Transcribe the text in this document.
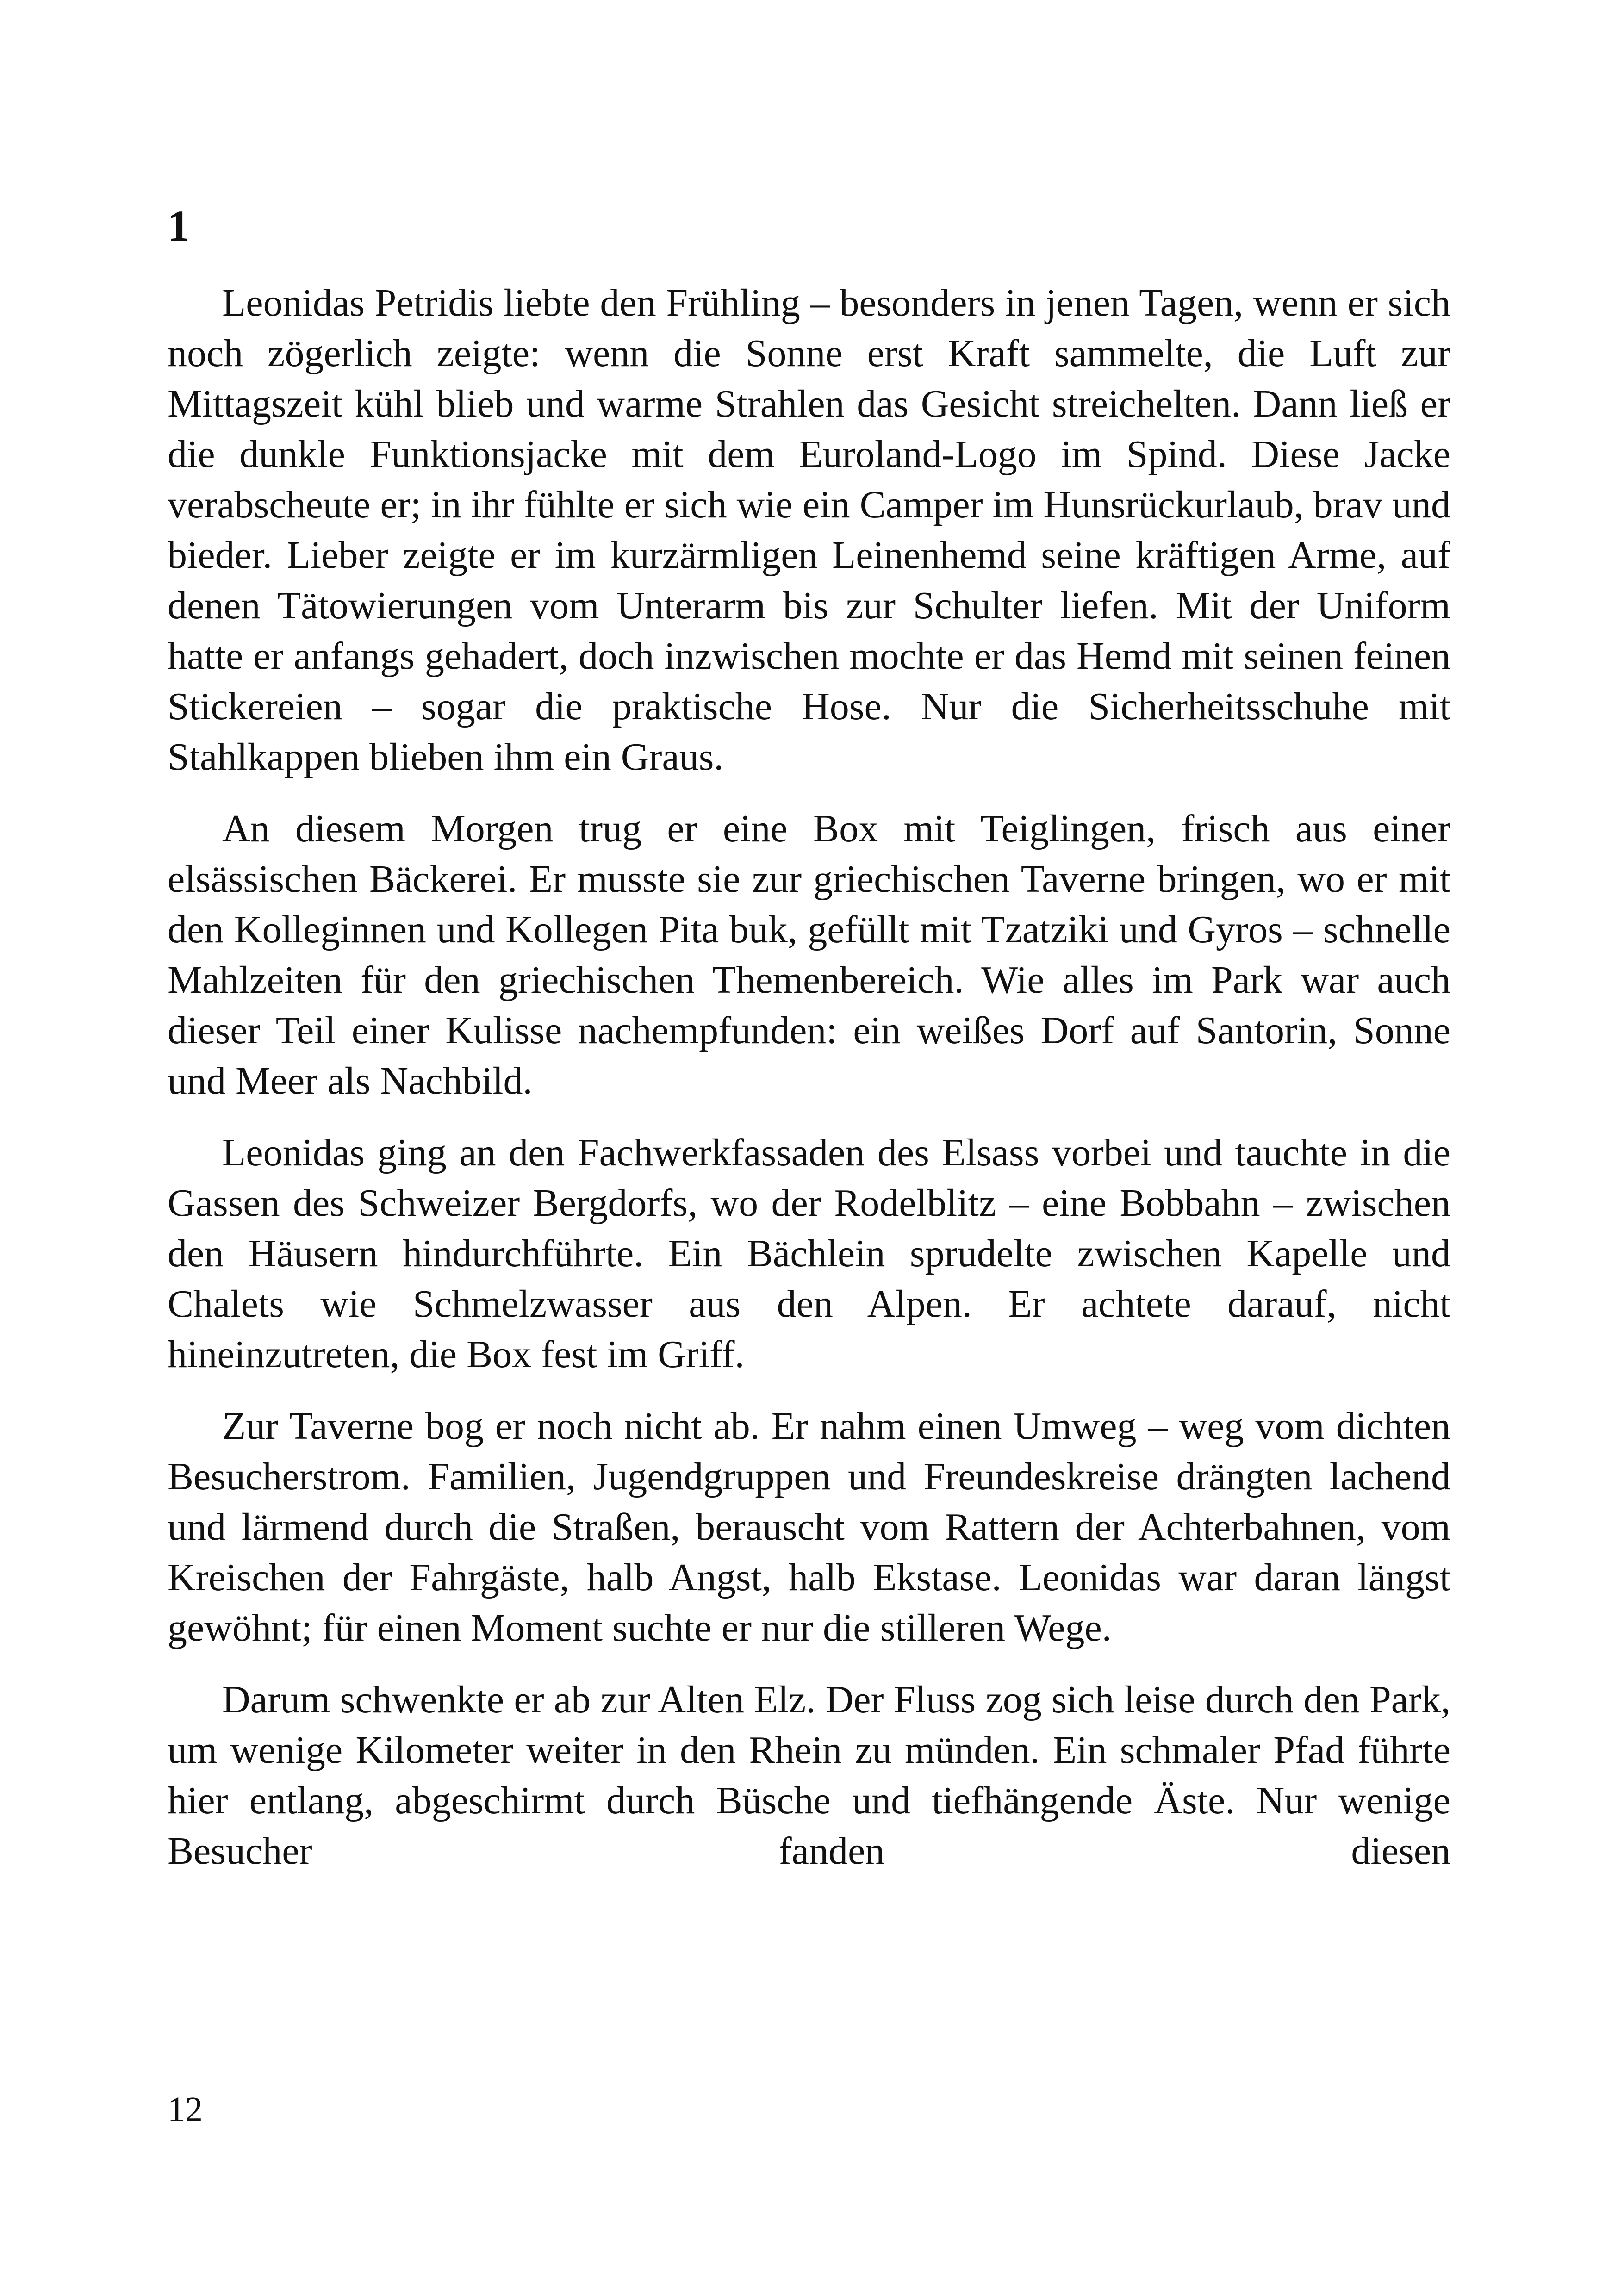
1

Leonidas Petridis liebte den Frühling – besonders in jenen Tagen, wenn er sich noch zögerlich zeigte: wenn die Sonne erst Kraft sammelte, die Luft zur Mittagszeit kühl blieb und warme Strahlen das Gesicht streichelten. Dann ließ er die dunkle Funktionsjacke mit dem Euroland-Logo im Spind. Diese Jacke verabscheute er; in ihr fühlte er sich wie ein Camper im Hunsrückurlaub, brav und bieder. Lieber zeigte er im kurzärmligen Leinenhemd seine kräftigen Arme, auf denen Tätowierungen vom Unterarm bis zur Schulter liefen. Mit der Uniform hatte er anfangs gehadert, doch inzwischen mochte er das Hemd mit seinen feinen Stickereien – sogar die praktische Hose. Nur die Sicherheitsschuhe mit Stahlkappen blieben ihm ein Graus.

An diesem Morgen trug er eine Box mit Teiglingen, frisch aus einer elsässischen Bäckerei. Er musste sie zur griechischen Taverne bringen, wo er mit den Kolleginnen und Kollegen Pita buk, gefüllt mit Tzatziki und Gyros – schnelle Mahlzeiten für den griechischen Themenbereich. Wie alles im Park war auch dieser Teil einer Kulisse nachempfunden: ein weißes Dorf auf Santorin, Sonne und Meer als Nachbild.

Leonidas ging an den Fachwerkfassaden des Elsass vorbei und tauchte in die Gassen des Schweizer Bergdorfs, wo der Rodelblitz – eine Bobbahn – zwischen den Häusern hindurchführte. Ein Bächlein sprudelte zwischen Kapelle und Chalets wie Schmelzwasser aus den Alpen. Er achtete darauf, nicht hineinzutreten, die Box fest im Griff.

Zur Taverne bog er noch nicht ab. Er nahm einen Umweg – weg vom dichten Besucherstrom. Familien, Jugendgruppen und Freundeskreise drängten lachend und lärmend durch die Straßen, berauscht vom Rattern der Achterbahnen, vom Kreischen der Fahrgäste, halb Angst, halb Ekstase. Leonidas war daran längst gewöhnt; für einen Moment suchte er nur die stilleren Wege.

Darum schwenkte er ab zur Alten Elz. Der Fluss zog sich leise durch den Park, um wenige Kilometer weiter in den Rhein zu münden. Ein schmaler Pfad führte hier entlang, abgeschirmt durch Büsche und tiefhängende Äste. Nur wenige Besucher fanden diesen

12
